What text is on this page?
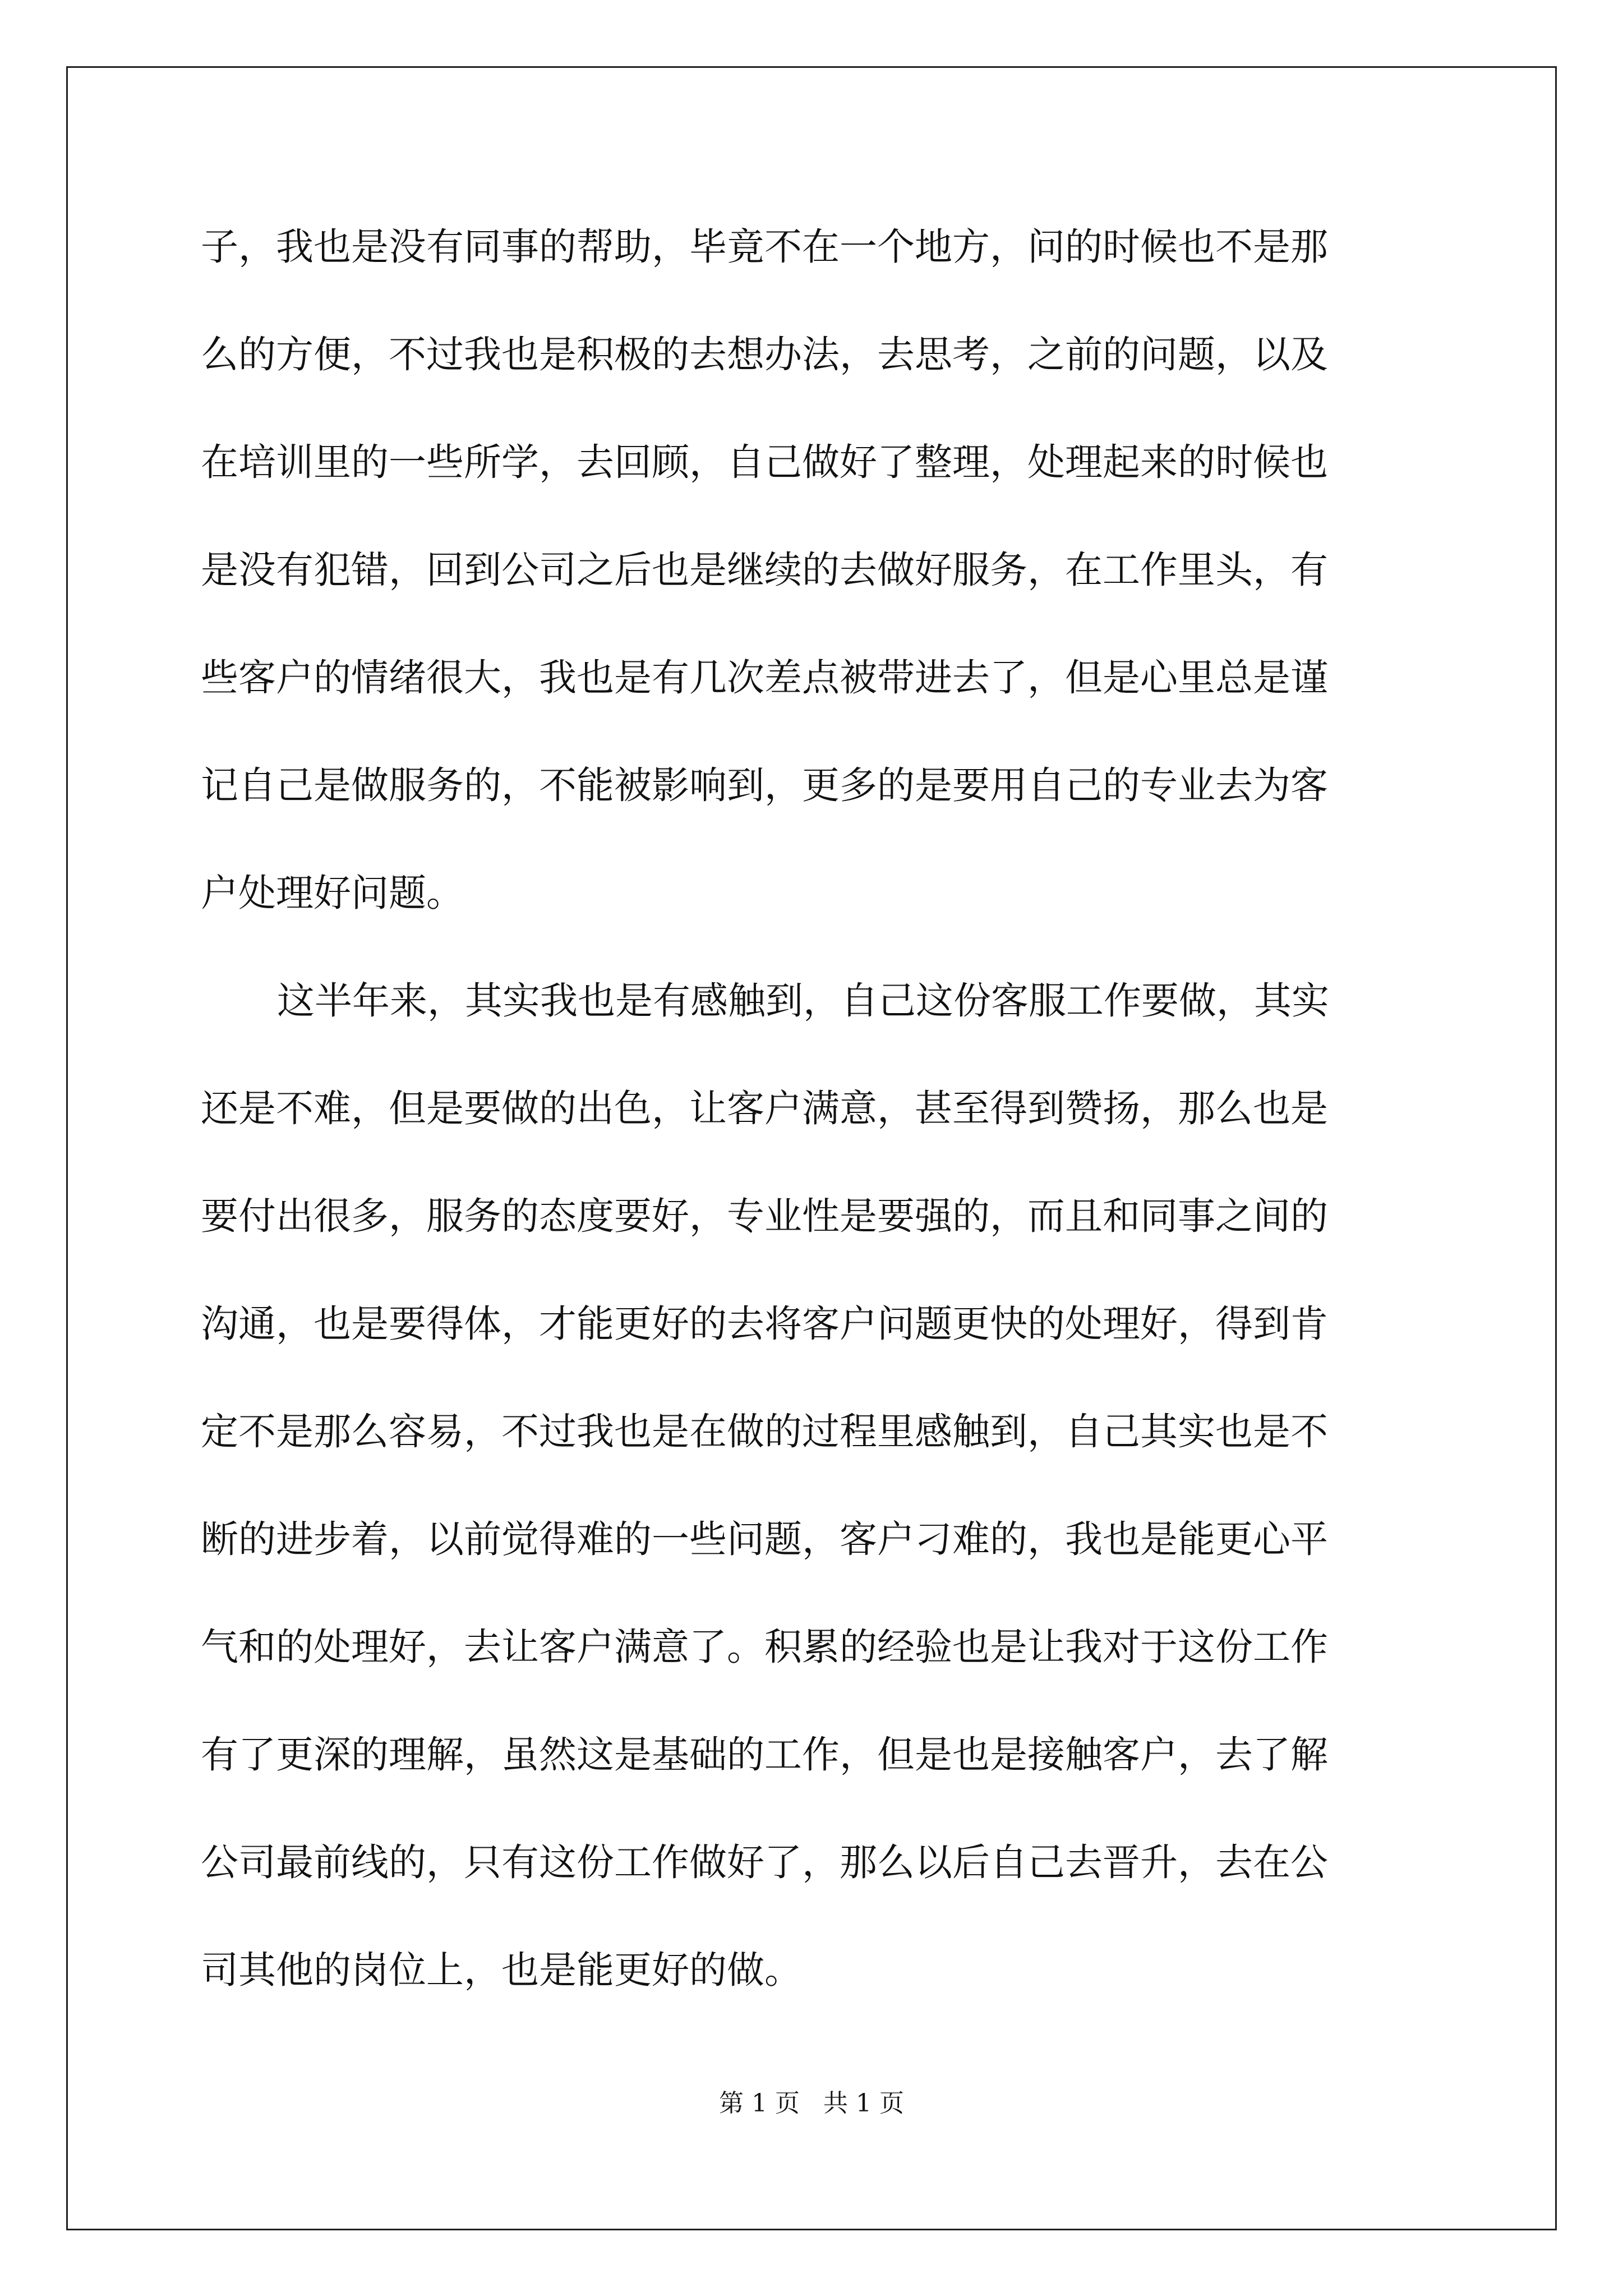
子，我也是没有同事的帮助，毕竟不在一个地方，问的时候也不是那
么的方便，不过我也是积极的去想办法，去思考，之前的问题，以及
在培训里的一些所学，去回顾，自己做好了整理，处理起来的时候也
是没有犯错，回到公司之后也是继续的去做好服务，在工作里头，有
些客户的情绪很大，我也是有几次差点被带进去了，但是心里总是谨
记自己是做服务的，不能被影响到，更多的是要用自己的专业去为客
户处理好问题。
这半年来，其实我也是有感触到，自己这份客服工作要做，其实
还是不难，但是要做的出色，让客户满意，甚至得到赞扬，那么也是
要付出很多，服务的态度要好，专业性是要强的，而且和同事之间的
沟通，也是要得体，才能更好的去将客户问题更快的处理好，得到肯
定不是那么容易，不过我也是在做的过程里感触到，自己其实也是不
断的进步着，以前觉得难的一些问题，客户刁难的，我也是能更心平
气和的处理好，去让客户满意了。积累的经验也是让我对于这份工作
有了更深的理解，虽然这是基础的工作，但是也是接触客户，去了解
公司最前线的，只有这份工作做好了，那么以后自己去晋升，去在公
司其他的岗位上，也是能更好的做。
第 1 页   共 1 页
